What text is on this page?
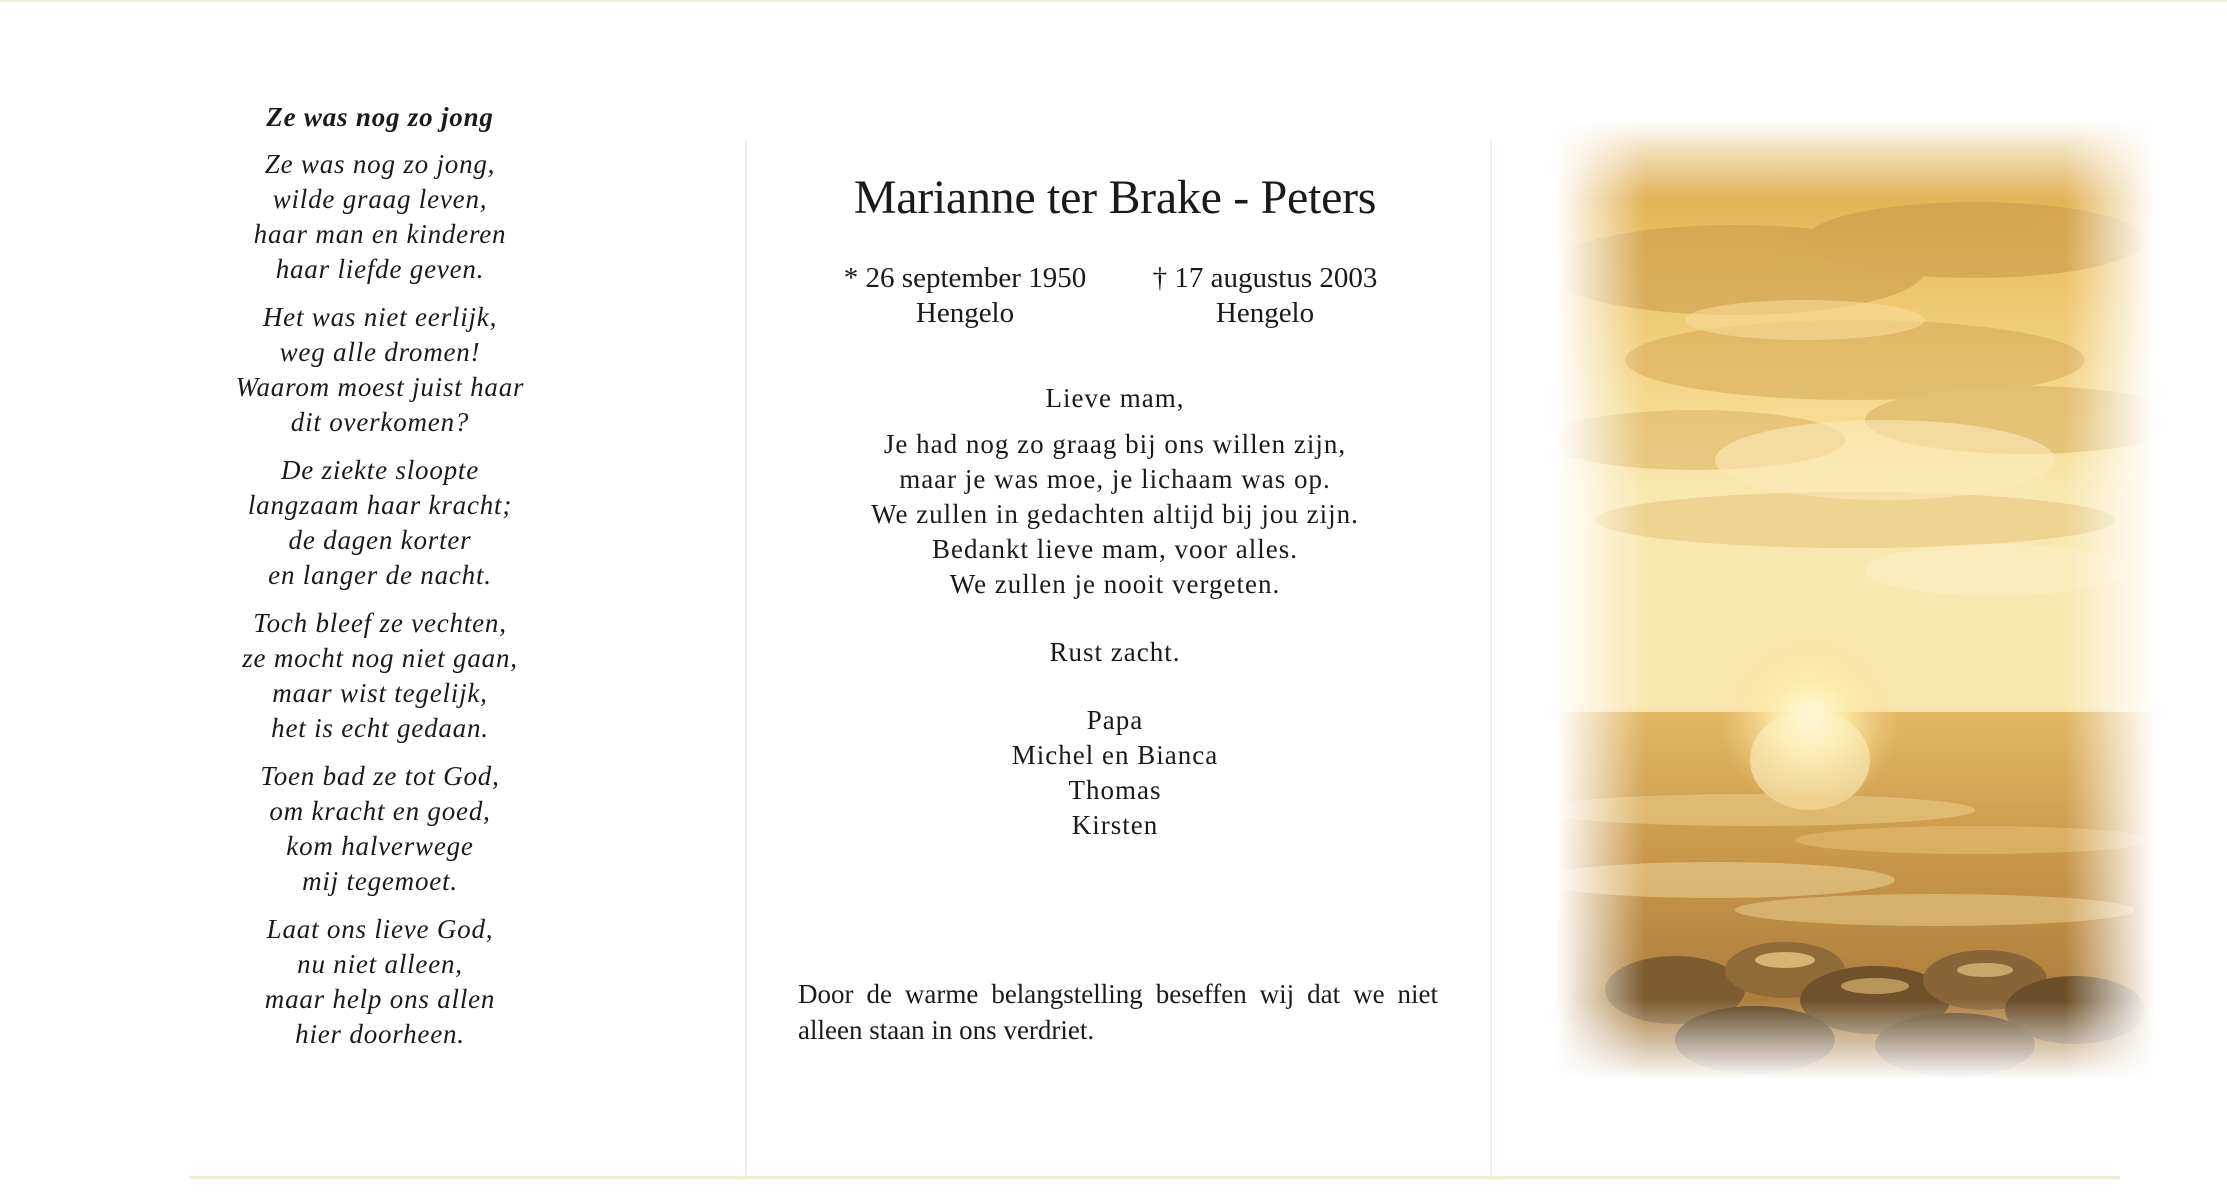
Ze was nog zo jong
Ze was nog zo jong,
wilde graag leven,
haar man en kinderen
haar liefde geven.
Het was niet eerlijk,
weg alle dromen!
Waarom moest juist haar
dit overkomen?
De ziekte sloopte
langzaam haar kracht;
de dagen korter
en langer de nacht.
Toch bleef ze vechten,
ze mocht nog niet gaan,
maar wist tegelijk,
het is echt gedaan.
Toen bad ze tot God,
om kracht en goed,
kom halverwege
mij tegemoet.
Laat ons lieve God,
nu niet alleen,
maar help ons allen
hier doorheen.
Marianne ter Brake - Peters
* 26 september 1950
Hengelo
† 17 augustus 2003
Hengelo
Lieve mam,
Je had nog zo graag bij ons willen zijn,
maar je was moe, je lichaam was op.
We zullen in gedachten altijd bij jou zijn.
Bedankt lieve mam, voor alles.
We zullen je nooit vergeten.
Rust zacht.
Papa
Michel en Bianca
Thomas
Kirsten
Door de warme belangstelling beseffen wij dat we niet alleen staan in ons verdriet.
